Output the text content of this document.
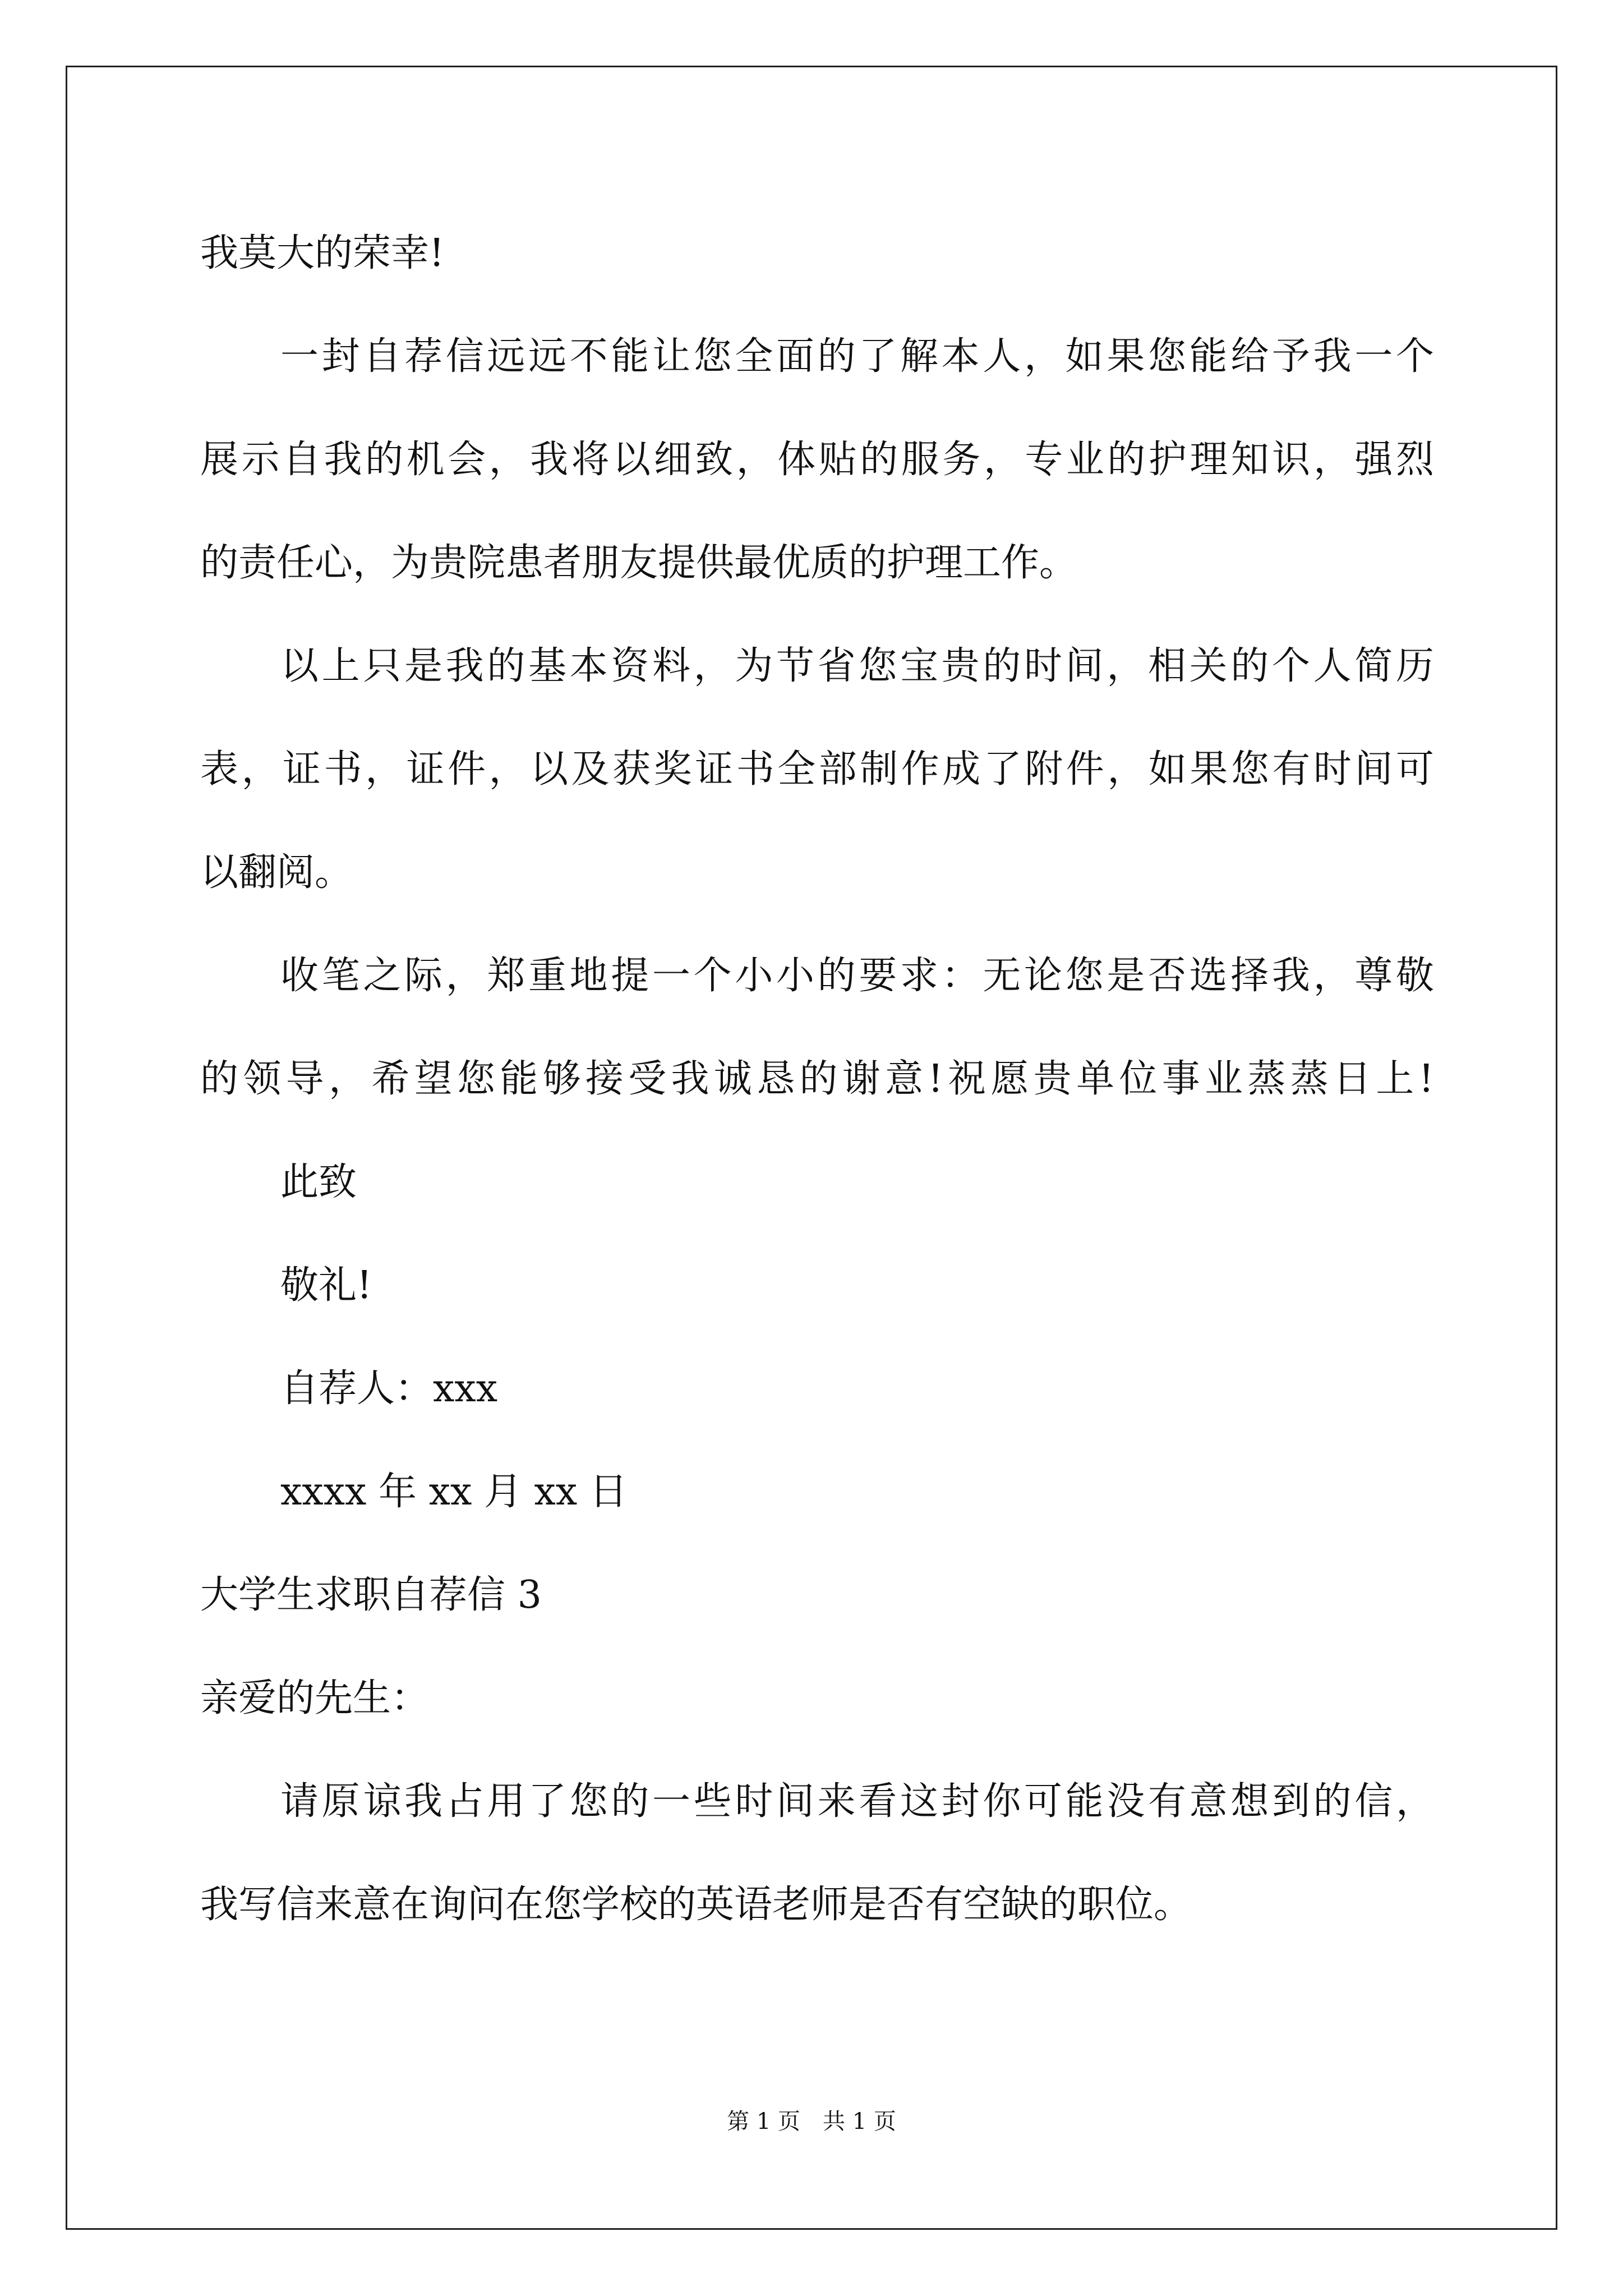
我莫大的荣幸!
一封自荐信远远不能让您全面的了解本人，如果您能给予我一个
展示自我的机会，我将以细致，体贴的服务，专业的护理知识，强烈
的责任心，为贵院患者朋友提供最优质的护理工作。
以上只是我的基本资料，为节省您宝贵的时间，相关的个人简历
表，证书，证件，以及获奖证书全部制作成了附件，如果您有时间可
以翻阅。
收笔之际，郑重地提一个小小的要求：无论您是否选择我，尊敬
的领导，希望您能够接受我诚恳的谢意!祝愿贵单位事业蒸蒸日上!
此致
敬礼!
自荐人：xxx
xxxx 年 xx 月 xx 日
大学生求职自荐信 3
亲爱的先生：
请原谅我占用了您的一些时间来看这封你可能没有意想到的信，
我写信来意在询问在您学校的英语老师是否有空缺的职位。
第 1 页　共 1 页
